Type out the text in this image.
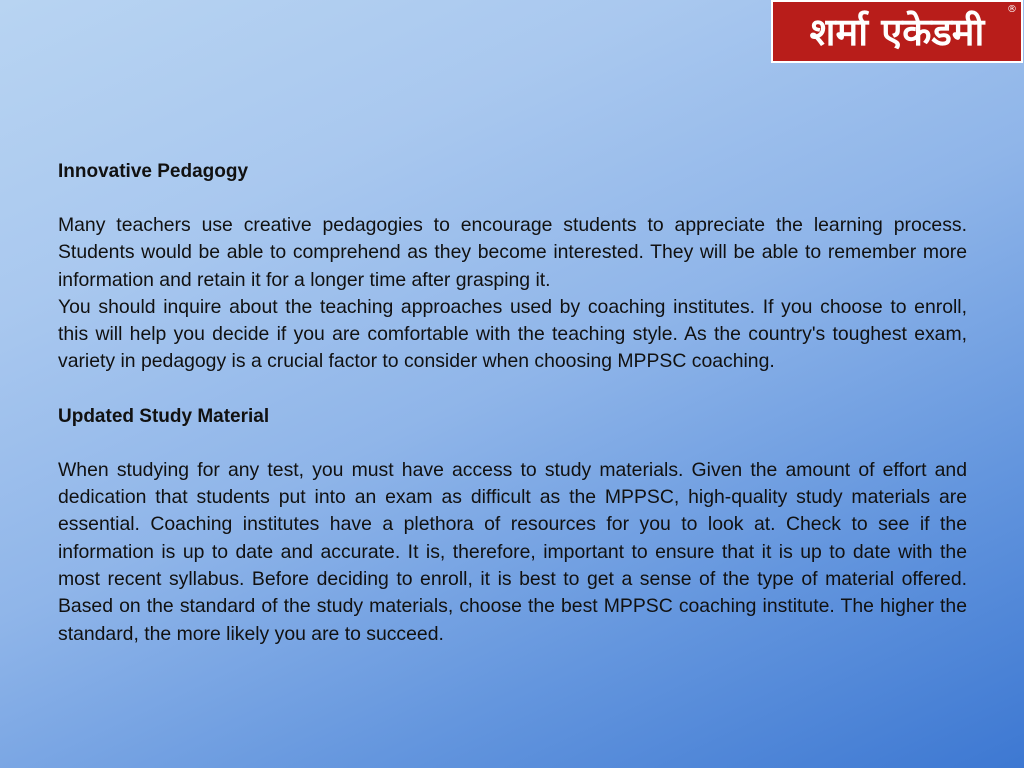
शर्मा एकेडमी ®

Innovative Pedagogy

Many teachers use creative pedagogies to encourage students to appreciate the learning process. Students would be able to comprehend as they become interested. They will be able to remember more information and retain it for a longer time after grasping it.

You should inquire about the teaching approaches used by coaching institutes. If you choose to enroll, this will help you decide if you are comfortable with the teaching style. As the country's toughest exam, variety in pedagogy is a crucial factor to consider when choosing MPPSC coaching.

Updated Study Material

When studying for any test, you must have access to study materials. Given the amount of effort and dedication that students put into an exam as difficult as the MPPSC, high-quality study materials are essential. Coaching institutes have a plethora of resources for you to look at. Check to see if the information is up to date and accurate. It is, therefore, important to ensure that it is up to date with the most recent syllabus. Before deciding to enroll, it is best to get a sense of the type of material offered. Based on the standard of the study materials, choose the best MPPSC coaching institute. The higher the standard, the more likely you are to succeed.
